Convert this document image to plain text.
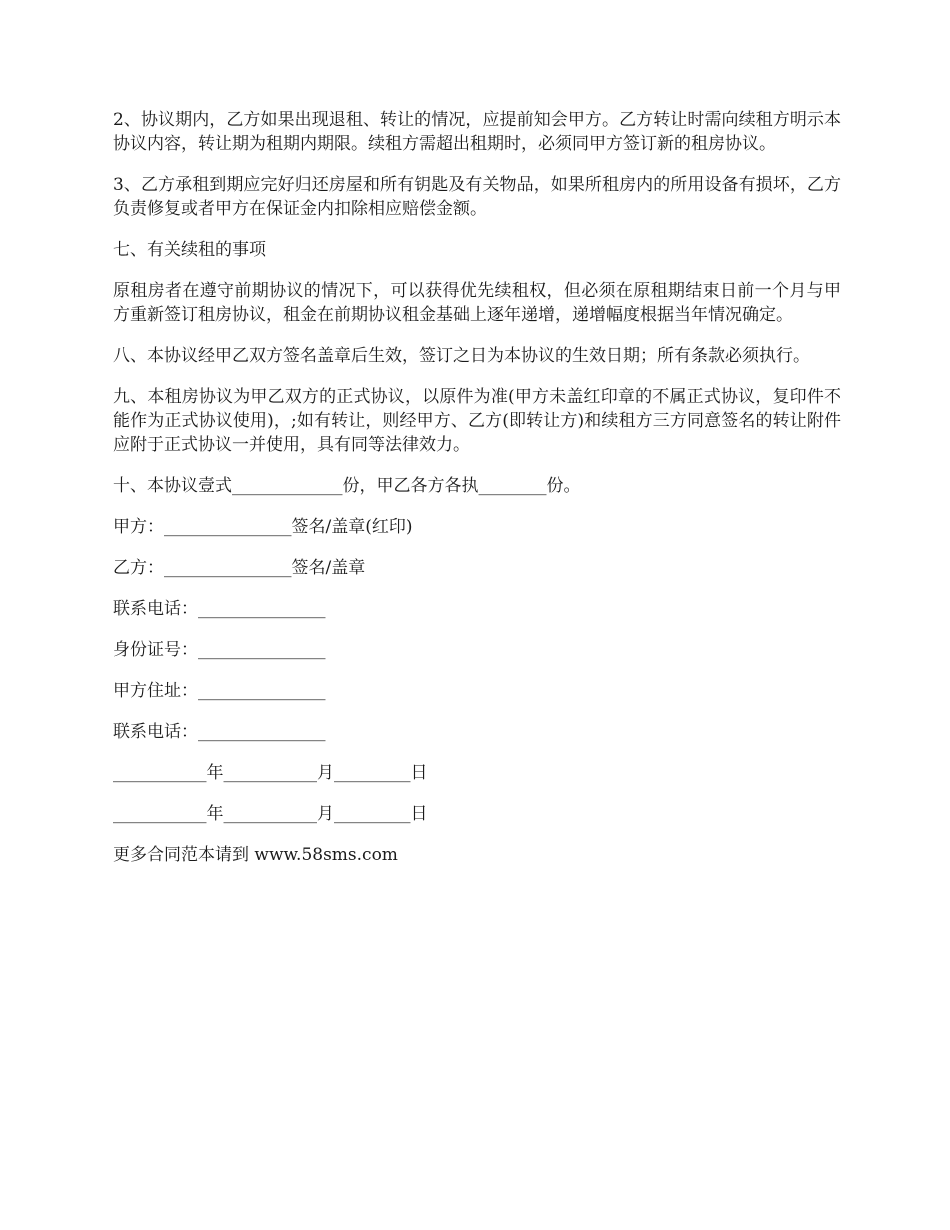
2、协议期内，乙方如果出现退租、转让的情况，应提前知会甲方。乙方转让时需向续租方明示本协议内容，转让期为租期内期限。续租方需超出租期时，必须同甲方签订新的租房协议。

3、乙方承租到期应完好归还房屋和所有钥匙及有关物品，如果所租房内的所用设备有损坏，乙方负责修复或者甲方在保证金内扣除相应赔偿金额。

七、有关续租的事项

原租房者在遵守前期协议的情况下，可以获得优先续租权，但必须在原租期结束日前一个月与甲方重新签订租房协议，租金在前期协议租金基础上逐年递增，递增幅度根据当年情况确定。

八、本协议经甲乙双方签名盖章后生效，签订之日为本协议的生效日期；所有条款必须执行。

九、本租房协议为甲乙双方的正式协议，以原件为准(甲方未盖红印章的不属正式协议，复印件不能作为正式协议使用)，;如有转让，则经甲方、乙方(即转让方)和续租方三方同意签名的转让附件应附于正式协议一并使用，具有同等法律效力。

十、本协议壹式_____________份，甲乙各方各执________份。

甲方：_______________签名/盖章(红印)

乙方：_______________签名/盖章

联系电话：_______________

身份证号：_______________

甲方住址：_______________

联系电话：_______________

___________年___________月_________日

___________年___________月_________日

更多合同范本请到 www.58sms.com
